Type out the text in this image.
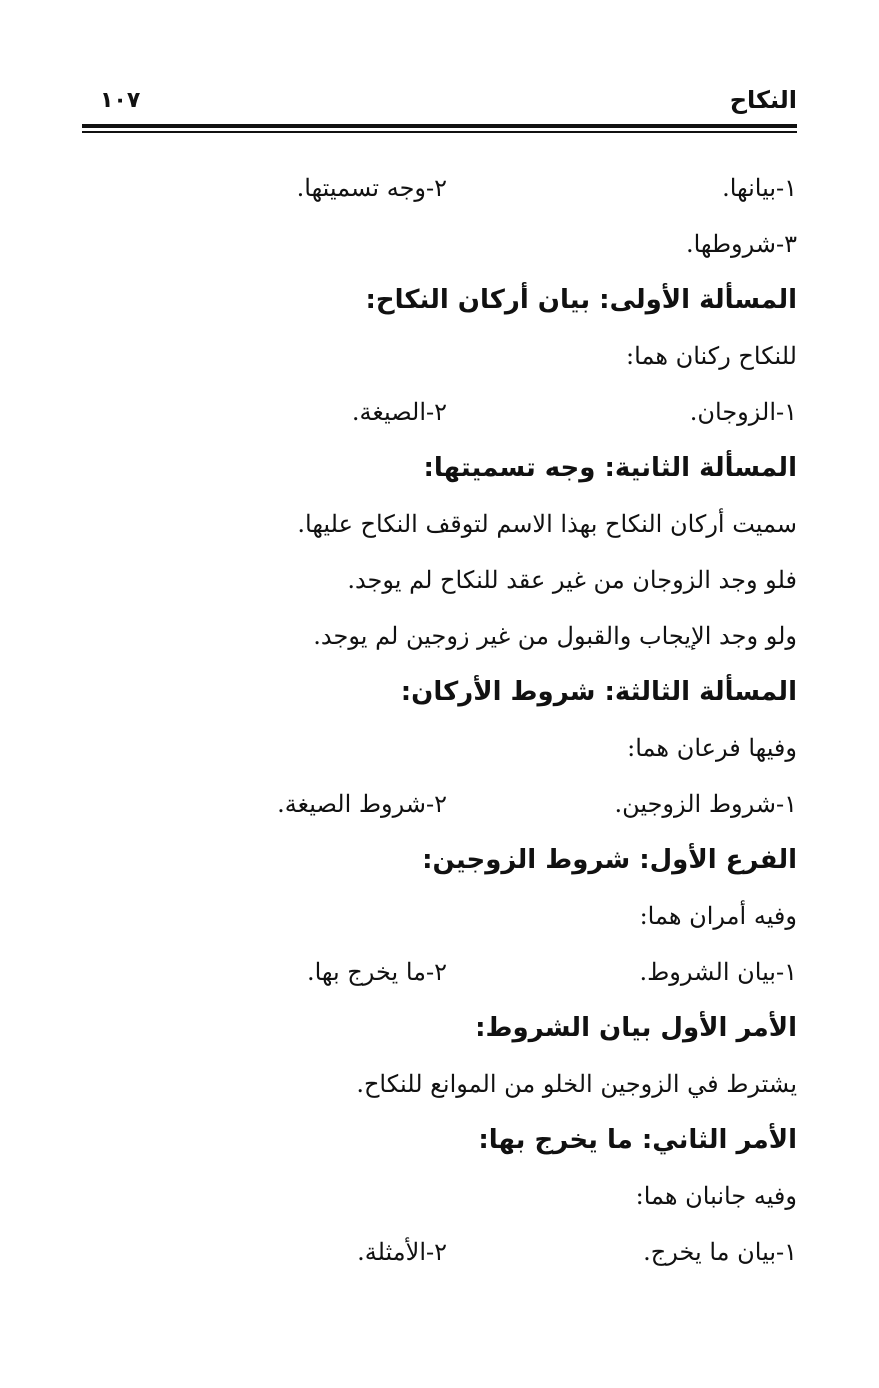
النكاح
١٠٧
١-بيانها.
٢-وجه تسميتها.
٣-شروطها.
المسألة الأولى: بيان أركان النكاح:
للنكاح ركنان هما:
١-الزوجان.
٢-الصيغة.
المسألة الثانية: وجه تسميتها:
سميت أركان النكاح بهذا الاسم لتوقف النكاح عليها.
فلو وجد الزوجان من غير عقد للنكاح لم يوجد.
ولو وجد الإيجاب والقبول من غير زوجين لم يوجد.
المسألة الثالثة: شروط الأركان:
وفيها فرعان هما:
١-شروط الزوجين.
٢-شروط الصيغة.
الفرع الأول: شروط الزوجين:
وفيه أمران هما:
١-بيان الشروط.
٢-ما يخرج بها.
الأمر الأول بيان الشروط:
يشترط في الزوجين الخلو من الموانع للنكاح.
الأمر الثاني: ما يخرج بها:
وفيه جانبان هما:
١-بيان ما يخرج.
٢-الأمثلة.
